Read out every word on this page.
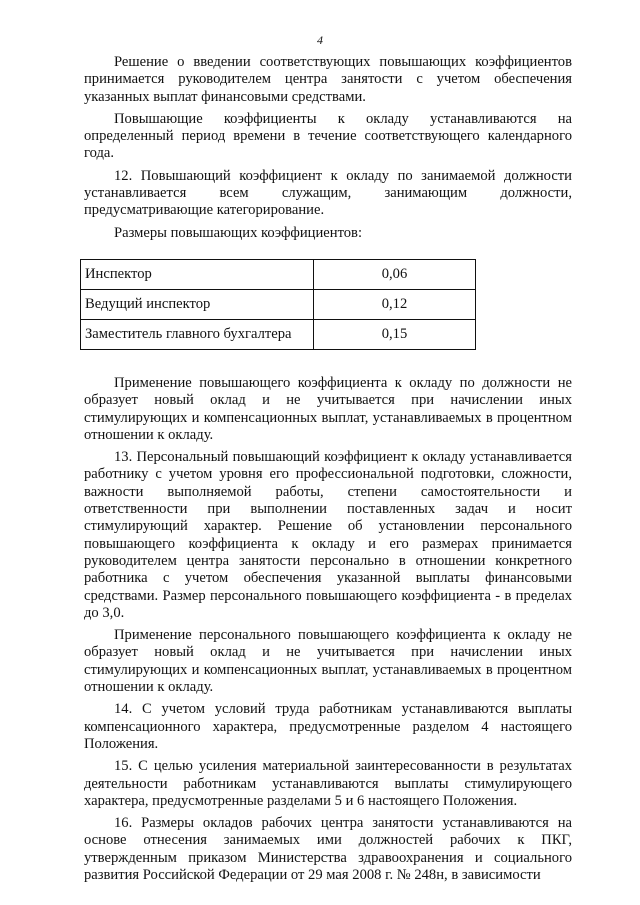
4

Решение о введении соответствующих повышающих коэффициентов принимается руководителем центра занятости с учетом обеспечения указанных выплат финансовыми средствами.

Повышающие коэффициенты к окладу устанавливаются на определенный период времени в течение соответствующего календарного года.

12. Повышающий коэффициент к окладу по занимаемой должности устанавливается всем служащим, занимающим должности, предусматривающие категорирование.

Размеры повышающих коэффициентов:

Инспектор	0,06
Ведущий инспектор	0,12
Заместитель главного бухгалтера	0,15

Применение повышающего коэффициента к окладу по должности не образует новый оклад и не учитывается при начислении иных стимулирующих и компенсационных выплат, устанавливаемых в процентном отношении к окладу.

13. Персональный повышающий коэффициент к окладу устанавливается работнику с учетом уровня его профессиональной подготовки, сложности, важности выполняемой работы, степени самостоятельности и ответственности при выполнении поставленных задач и носит стимулирующий характер. Решение об установлении персонального повышающего коэффициента к окладу и его размерах принимается руководителем центра занятости персонально в отношении конкретного работника с учетом обеспечения указанной выплаты финансовыми средствами. Размер персонального повышающего коэффициента - в пределах до 3,0.

Применение персонального повышающего коэффициента к окладу не образует новый оклад и не учитывается при начислении иных стимулирующих и компенсационных выплат, устанавливаемых в процентном отношении к окладу.

14. С учетом условий труда работникам устанавливаются выплаты компенсационного характера, предусмотренные разделом 4 настоящего Положения.

15. С целью усиления материальной заинтересованности в результатах деятельности работникам устанавливаются выплаты стимулирующего характера, предусмотренные разделами 5 и 6 настоящего Положения.

16. Размеры окладов рабочих центра занятости устанавливаются на основе отнесения занимаемых ими должностей рабочих к ПКГ, утвержденным приказом Министерства здравоохранения и социального развития Российской Федерации от 29 мая 2008 г. № 248н, в зависимости
